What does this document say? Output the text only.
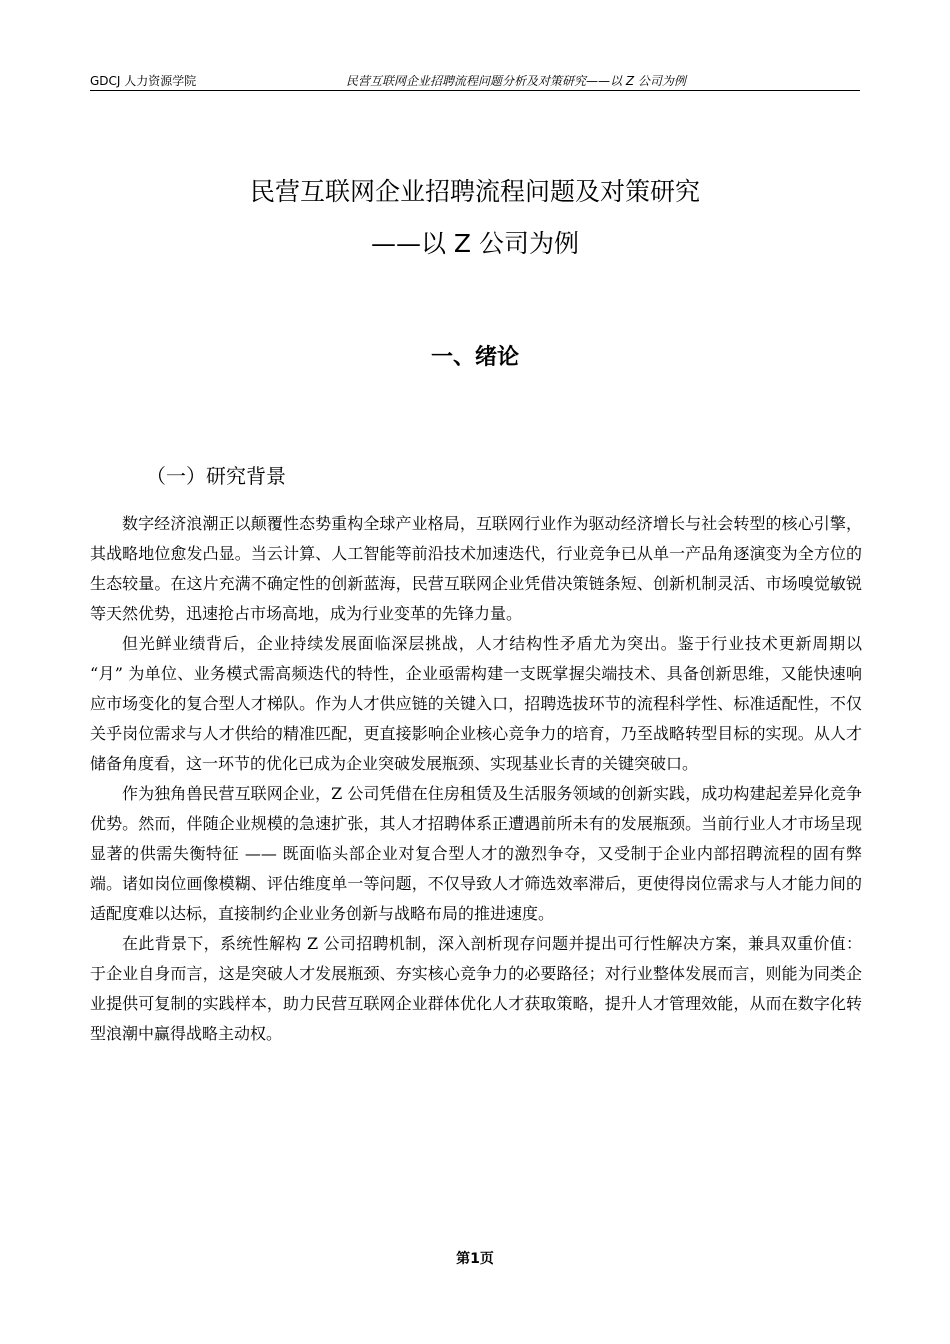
GDCJ 人力资源学院	民营互联网企业招聘流程问题分析及对策研究——以 Z 公司为例
民营互联网企业招聘流程问题及对策研究
——以 Z 公司为例
一、绪论
（一）研究背景

数字经济浪潮正以颠覆性态势重构全球产业格局，互联网行业作为驱动经济增长与社会转型的核心引擎，其战略地位愈发凸显。当云计算、人工智能等前沿技术加速迭代，行业竞争已从单一产品角逐演变为全方位的生态较量。在这片充满不确定性的创新蓝海，民营互联网企业凭借决策链条短、创新机制灵活、市场嗅觉敏锐等天然优势，迅速抢占市场高地，成为行业变革的先锋力量。

但光鲜业绩背后，企业持续发展面临深层挑战，人才结构性矛盾尤为突出。鉴于行业技术更新周期以 “月” 为单位、业务模式需高频迭代的特性，企业亟需构建一支既掌握尖端技术、具备创新思维，又能快速响应市场变化的复合型人才梯队。作为人才供应链的关键入口，招聘选拔环节的流程科学性、标准适配性，不仅关乎岗位需求与人才供给的精准匹配，更直接影响企业核心竞争力的培育，乃至战略转型目标的实现。从人才储备角度看，这一环节的优化已成为企业突破发展瓶颈、实现基业长青的关键突破口。

作为独角兽民营互联网企业，Z 公司凭借在住房租赁及生活服务领域的创新实践，成功构建起差异化竞争优势。然而，伴随企业规模的急速扩张，其人才招聘体系正遭遇前所未有的发展瓶颈。当前行业人才市场呈现显著的供需失衡特征 —— 既面临头部企业对复合型人才的激烈争夺，又受制于企业内部招聘流程的固有弊端。诸如岗位画像模糊、评估维度单一等问题，不仅导致人才筛选效率滞后，更使得岗位需求与人才能力间的适配度难以达标，直接制约企业业务创新与战略布局的推进速度。

在此背景下，系统性解构 Z 公司招聘机制，深入剖析现存问题并提出可行性解决方案，兼具双重价值：于企业自身而言，这是突破人才发展瓶颈、夯实核心竞争力的必要路径；对行业整体发展而言，则能为同类企业提供可复制的实践样本，助力民营互联网企业群体优化人才获取策略，提升人才管理效能，从而在数字化转型浪潮中赢得战略主动权。

第1页
